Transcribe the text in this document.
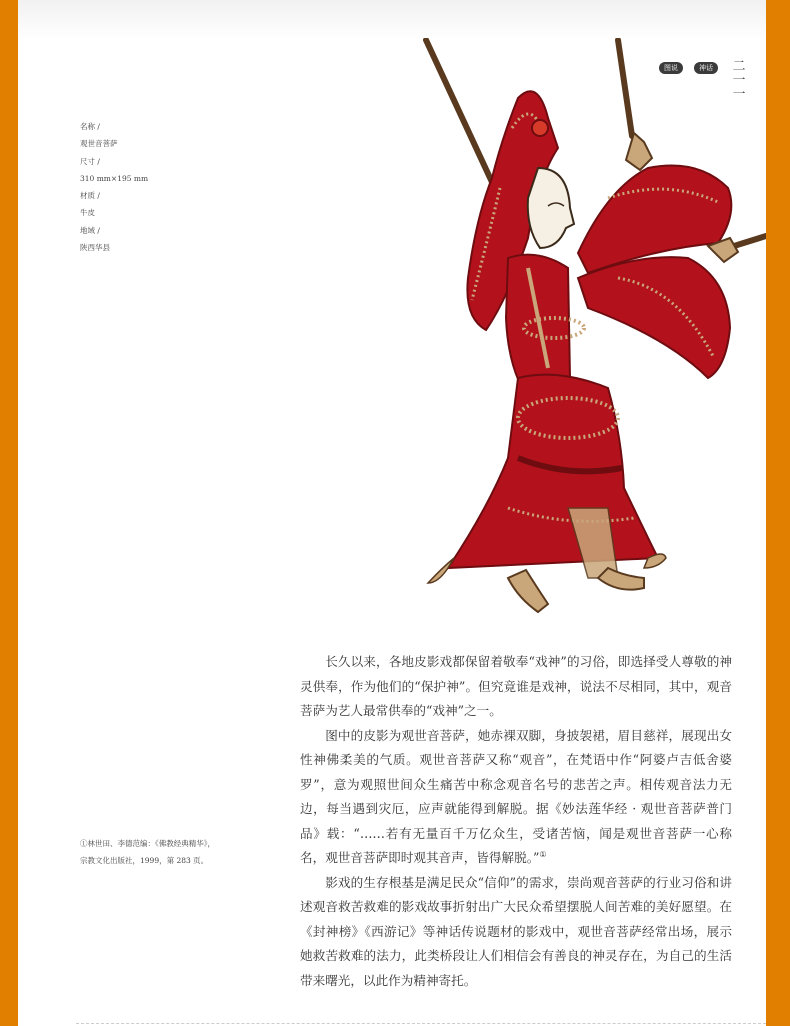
图说	神话	二
一
一
名称 /
观世音菩萨
尺寸 /
310 mm×195 mm
材质 /
牛皮
地域 /
陕西华县
①林世田、李德范编：《佛教经典精华》，
宗教文化出版社，1999，第 283 页。

长久以来，各地皮影戏都保留着敬奉“戏神”的习俗，即选择受人尊敬的神灵供奉，作为他们的“保护神”。但究竟谁是戏神，说法不尽相同，其中，观音菩萨为艺人最常供奉的“戏神”之一。

图中的皮影为观世音菩萨，她赤裸双脚，身披袈裙，眉目慈祥，展现出女性神佛柔美的气质。观世音菩萨又称“观音”，在梵语中作“阿婆卢吉低舍婆罗”，意为观照世间众生痛苦中称念观音名号的悲苦之声。相传观音法力无边，每当遇到灾厄，应声就能得到解脱。据《妙法莲华经 · 观世音菩萨普门品》载：“……若有无量百千万亿众生，受诸苦恼，闻是观世音菩萨一心称名，观世音菩萨即时观其音声，皆得解脱。”①

影戏的生存根基是满足民众“信仰”的需求，崇尚观音菩萨的行业习俗和讲述观音救苦救难的影戏故事折射出广大民众希望摆脱人间苦难的美好愿望。在《封神榜》《西游记》等神话传说题材的影戏中，观世音菩萨经常出场，展示她救苦救难的法力，此类桥段让人们相信会有善良的神灵存在，为自己的生活带来曙光，以此作为精神寄托。
